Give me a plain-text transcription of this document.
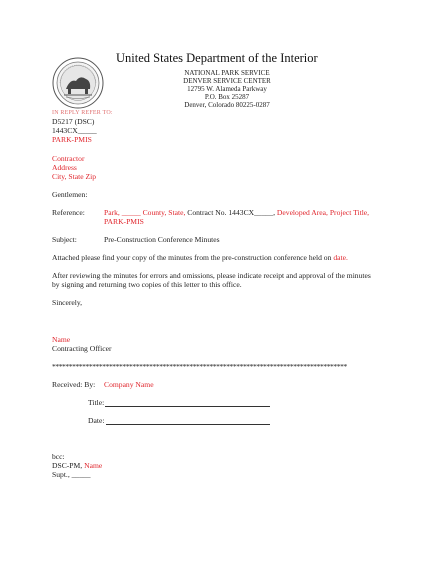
United States Department of the Interior
NATIONAL PARK SERVICE
DENVER SERVICE CENTER
12795 W. Alameda Parkway
P.O. Box 25287
Denver, Colorado 80225-0287
IN REPLY REFER TO:
D5217 (DSC)
1443CX_____
PARK-PMIS
Contractor
Address
City, State Zip
Gentlemen:
Reference:	Park, _____ County, State, Contract No. 1443CX_____, Developed Area, Project Title,
PARK-PMIS
Subject:	Pre-Construction Conference Minutes
Attached please find your copy of the minutes from the pre-construction conference held on date.
After reviewing the minutes for errors and omissions, please indicate receipt and approval of the minutes
by signing and returning two copies of this letter to this office.
Sincerely,
Name
Contracting Officer
****************************************************************************************
Received: By: Company Name
Title:
Date:
bcc:
DSC-PM, Name
Supt., _____
